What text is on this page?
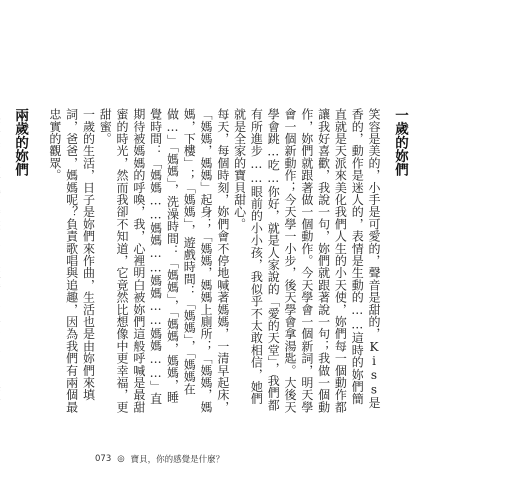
一歲的妳們

笑容是美的，小手是可愛的，聲音是甜的，Kiss是香的，動作是迷人的，表情是生動的……這時的妳們簡直就是天派來美化我們人生的小天使，妳們每一個動作都讓我好喜歡，我說一句，妳們就跟著說一句；我做一個動作，妳們就跟著做一個動作。今天學會一個新詞，明天學會一個新動作；今天學一小步，後天學會拿湯匙。大後天學會跳…吃…你好，就是人家說的「愛的天堂」，我們都有所進步……眼前的小小孩，我似乎不太敢相信，她們就是全家的寶貝甜心。

每天，每個時刻，妳們會不停地喊著媽媽，一清早起床，「媽媽，媽媽」起身；「媽媽，媽媽上廁所；「媽媽，媽媽，下樓」；「媽媽」，遊戲時間：「媽媽」，「媽媽在做…」「媽媽」，洗澡時間：「媽媽」，「媽媽，媽媽，睡覺時間：「媽媽……媽媽……媽媽……媽媽……」直期待被媽媽的呼喚，我，心裡明白被妳們這般呼喊是最甜蜜的時光，然而我卻不知道，它竟然比想像中更幸福，更甜蜜。

一歲的生活，日子是妳們來作曲，生活也是由妳們來填詞，爸爸，媽媽呢？負責歌唱與追趣，因為我們有兩個最忠實的觀眾。

兩歲的妳們

073 ◎ 寶貝，你的感覺是什麼？
